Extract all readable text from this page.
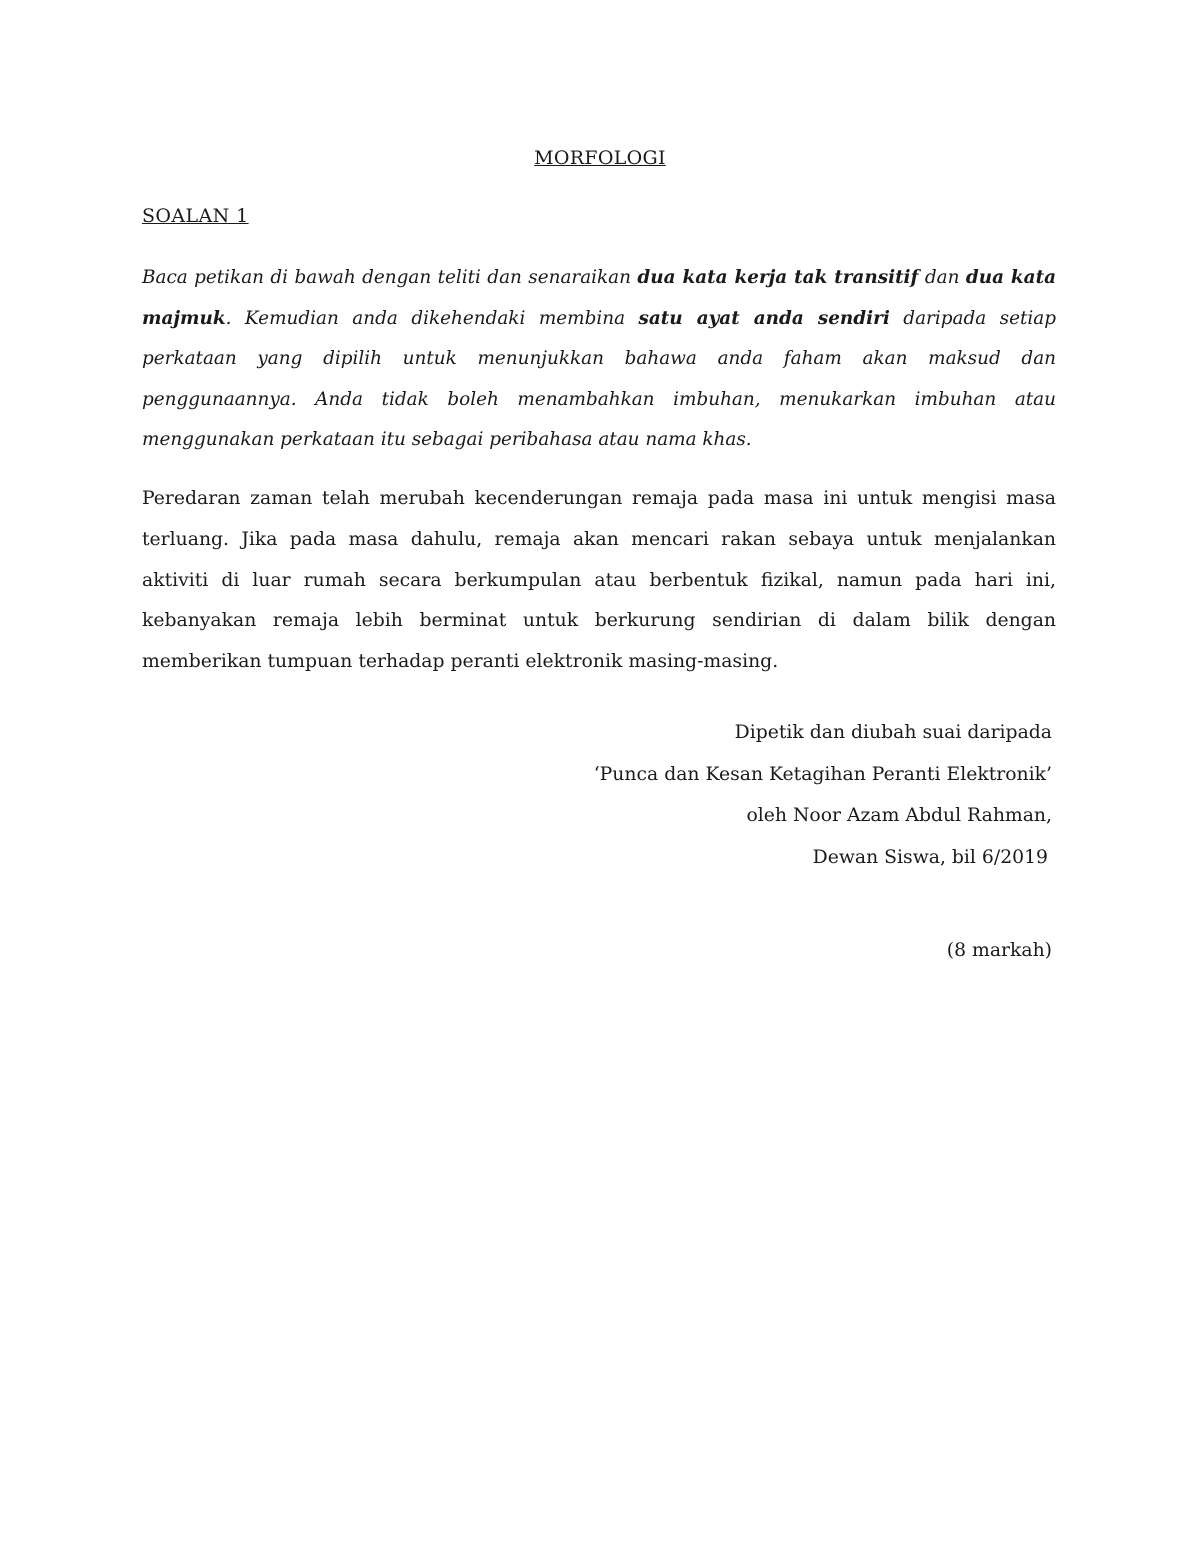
MORFOLOGI
SOALAN 1

Baca petikan di bawah dengan teliti dan senaraikan dua kata kerja tak transitif dan dua kata majmuk. Kemudian anda dikehendaki membina satu ayat anda sendiri daripada setiap perkataan yang dipilih untuk menunjukkan bahawa anda faham akan maksud dan penggunaannya. Anda tidak boleh menambahkan imbuhan, menukarkan imbuhan atau menggunakan perkataan itu sebagai peribahasa atau nama khas.

Peredaran zaman telah merubah kecenderungan remaja pada masa ini untuk mengisi masa terluang. Jika pada masa dahulu, remaja akan mencari rakan sebaya untuk menjalankan aktiviti di luar rumah secara berkumpulan atau berbentuk fizikal, namun pada hari ini, kebanyakan remaja lebih berminat untuk berkurung sendirian di dalam bilik dengan memberikan tumpuan terhadap peranti elektronik masing-masing.

Dipetik dan diubah suai daripada
‘Punca dan Kesan Ketagihan Peranti Elektronik’
oleh Noor Azam Abdul Rahman,
Dewan Siswa, bil 6/2019
(8 markah)
